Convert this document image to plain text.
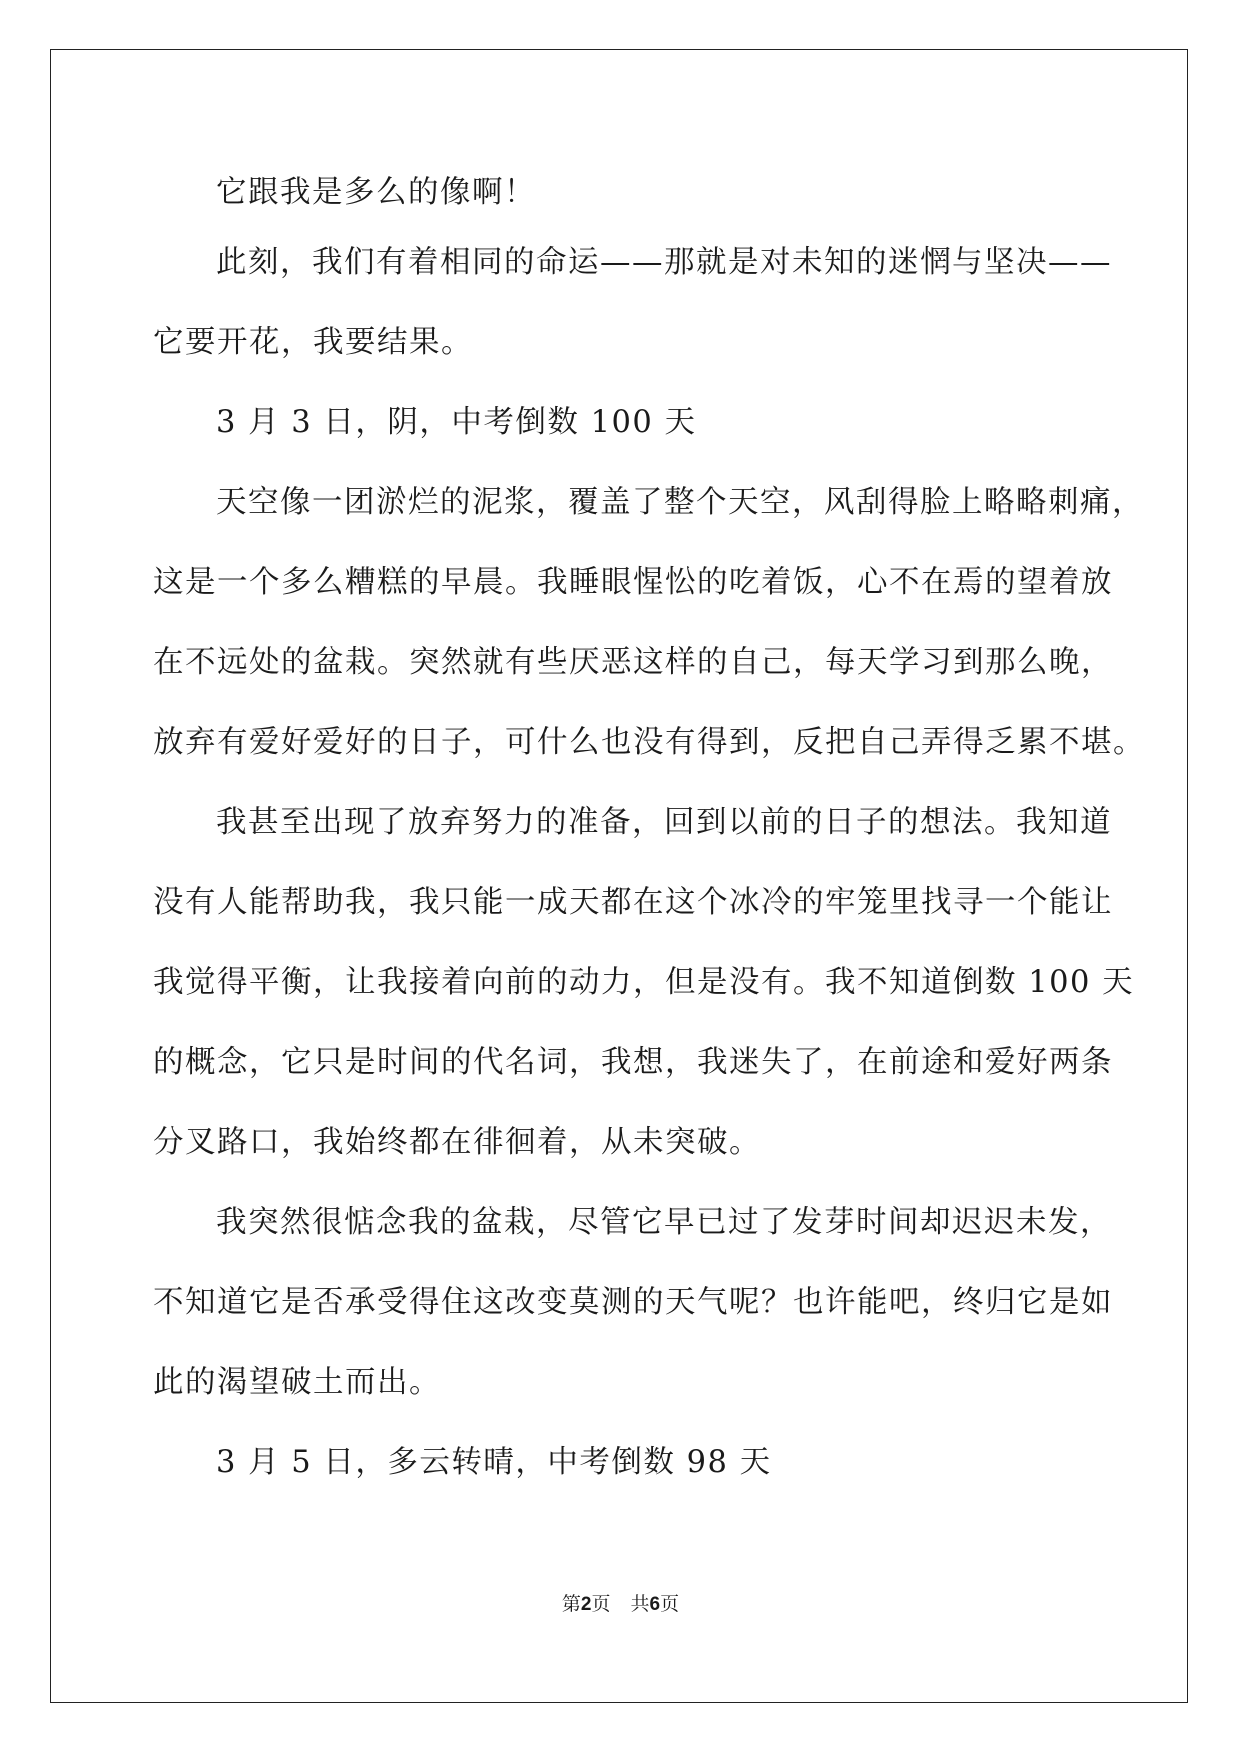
它跟我是多么的像啊！
此刻，我们有着相同的命运——那就是对未知的迷惘与坚决——
它要开花，我要结果。
3 月 3 日，阴，中考倒数 100 天
天空像一团淤烂的泥浆，覆盖了整个天空，风刮得脸上略略刺痛，
这是一个多么糟糕的早晨。我睡眼惺忪的吃着饭，心不在焉的望着放
在不远处的盆栽。突然就有些厌恶这样的自己，每天学习到那么晚，
放弃有爱好爱好的日子，可什么也没有得到，反把自己弄得乏累不堪。
我甚至出现了放弃努力的准备，回到以前的日子的想法。我知道
没有人能帮助我，我只能一成天都在这个冰冷的牢笼里找寻一个能让
我觉得平衡，让我接着向前的动力，但是没有。我不知道倒数 100 天
的概念，它只是时间的代名词，我想，我迷失了，在前途和爱好两条
分叉路口，我始终都在徘徊着，从未突破。
我突然很惦念我的盆栽，尽管它早已过了发芽时间却迟迟未发，
不知道它是否承受得住这改变莫测的天气呢？也许能吧，终归它是如
此的渴望破土而出。
3 月 5 日，多云转晴，中考倒数 98 天
第2页 共6页
